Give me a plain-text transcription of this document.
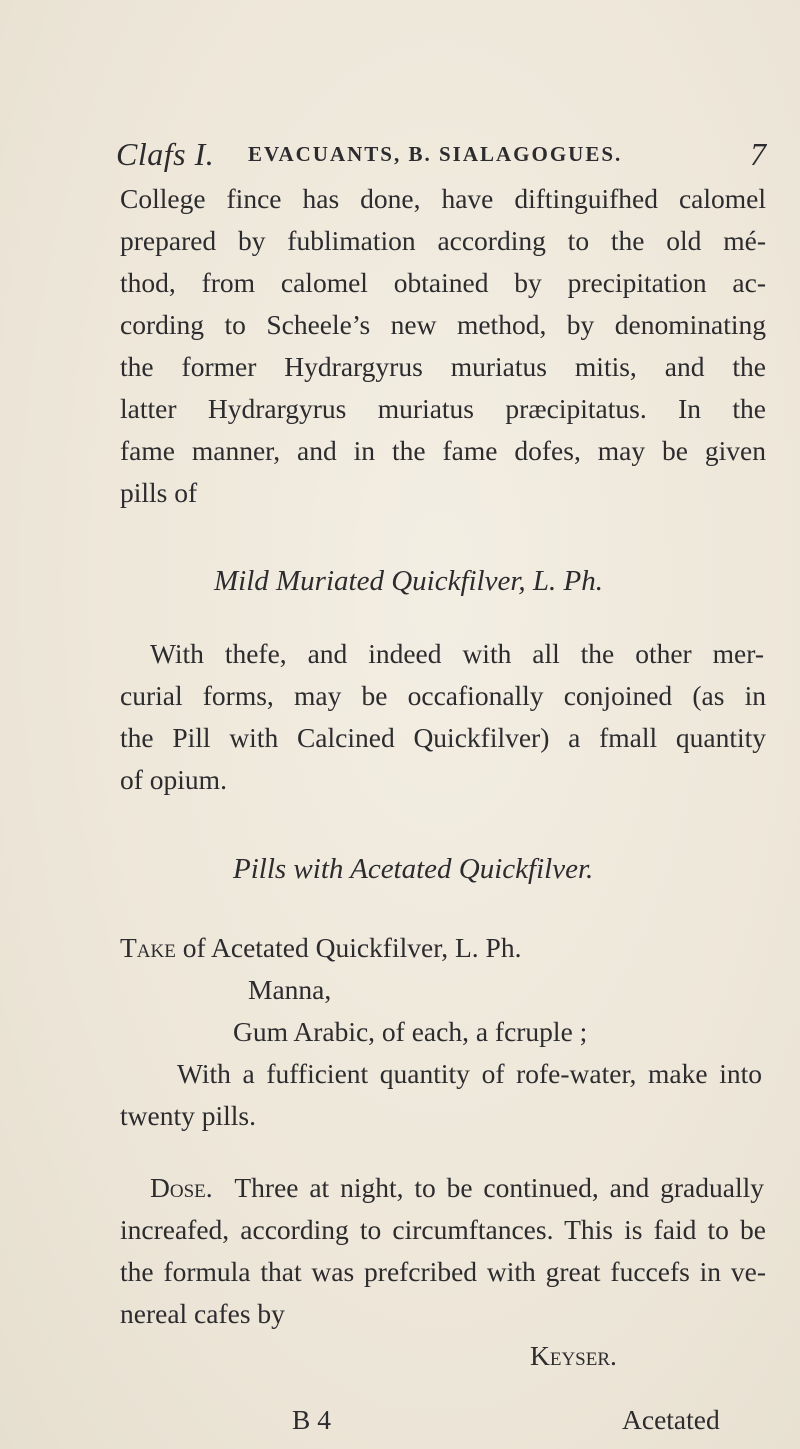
Clafs I. EVACUANTS, B. SIALAGOGUES.	7
College fince has done, have diftinguifhed calomel
prepared by fublimation according to the old mé-
thod, from calomel obtained by precipitation ac-
cording to Scheele’s new method, by denominating
the former Hydrargyrus muriatus mitis, and the
latter Hydrargyrus muriatus præcipitatus. In the
fame manner, and in the fame dofes, may be given
pills of
Mild Muriated Quickfilver, L. Ph.
With thefe, and indeed with all the other mer-
curial forms, may be occafionally conjoined (as in
the Pill with Calcined Quickfilver) a fmall quantity
of opium.
Pills with Acetated Quickfilver.
Take of Acetated Quickfilver, L. Ph.
Manna,
Gum Arabic, of each, a fcruple ;
With a fufficient quantity of rofe-water, make into
twenty pills.
Dose. Three at night, to be continued, and gradually
increafed, according to circumftances. This is faid to be
the formula that was prefcribed with great fuccefs in ve-
nereal cafes by
Keyser.
B 4	Acetated
